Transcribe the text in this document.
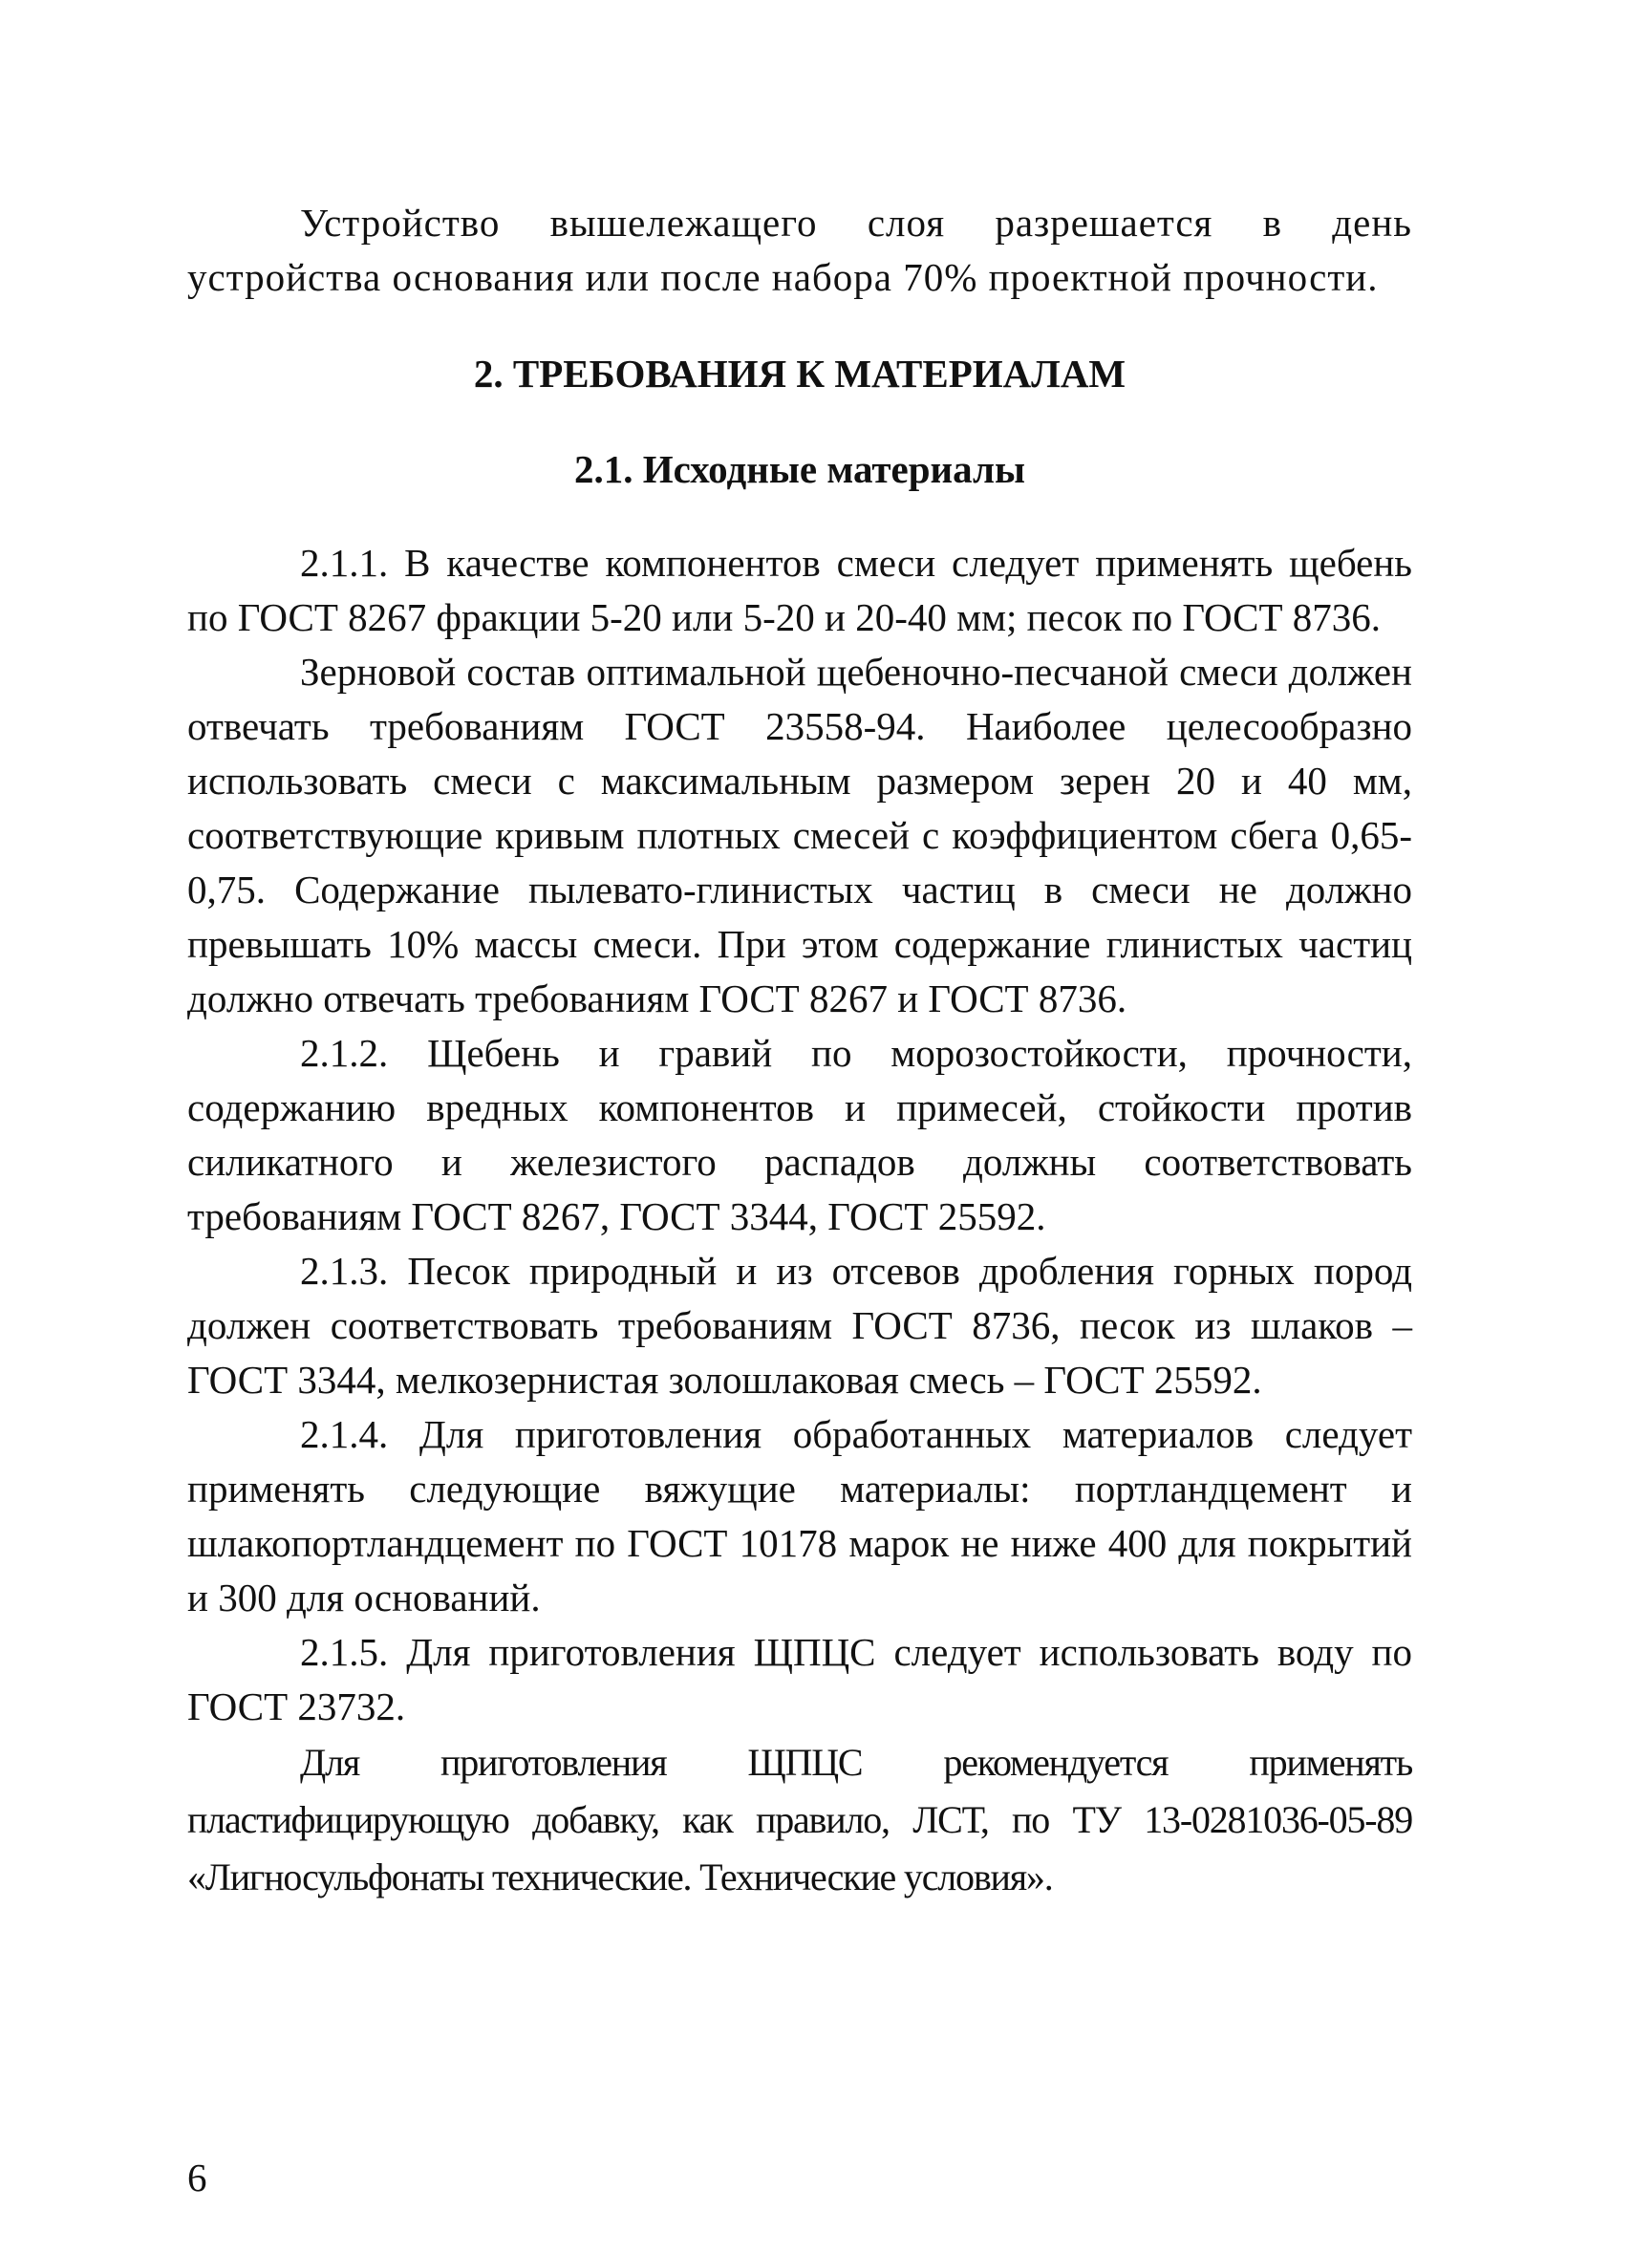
Устройство вышележащего слоя разрешается в день устройства основания или после набора 70% проектной прочности.

2. ТРЕБОВАНИЯ К МАТЕРИАЛАМ

2.1. Исходные материалы

2.1.1. В качестве компонентов смеси следует применять щебень по ГОСТ 8267 фракции 5-20 или 5-20 и 20-40 мм; песок по ГОСТ 8736.

Зерновой состав оптимальной щебеночно-песчаной смеси должен отвечать требованиям ГОСТ 23558-94. Наиболее целесообразно использовать смеси с максимальным размером зерен 20 и 40 мм, соответствующие кривым плотных смесей с коэффициентом сбега 0,65-0,75. Содержание пылевато-глинистых частиц в смеси не должно превышать 10% массы смеси. При этом содержание глинистых частиц должно отвечать требованиям ГОСТ 8267 и ГОСТ 8736.

2.1.2. Щебень и гравий по морозостойкости, прочности, содержанию вредных компонентов и примесей, стойкости против силикатного и железистого распадов должны соответствовать требованиям ГОСТ 8267, ГОСТ 3344, ГОСТ 25592.

2.1.3. Песок природный и из отсевов дробления горных пород должен соответствовать требованиям ГОСТ 8736, песок из шлаков – ГОСТ 3344, мелкозернистая золошлаковая смесь – ГОСТ 25592.

2.1.4. Для приготовления обработанных материалов следует применять следующие вяжущие материалы: портландцемент и шлакопортландцемент по ГОСТ 10178 марок не ниже 400 для покрытий и 300 для оснований.

2.1.5. Для приготовления ЩПЦС следует использовать воду по ГОСТ 23732.

Для приготовления ЩПЦС рекомендуется применять пластифицирующую добавку, как правило, ЛСТ, по ТУ 13-0281036-05-89 «Лигносульфонаты технические. Технические условия».

6
